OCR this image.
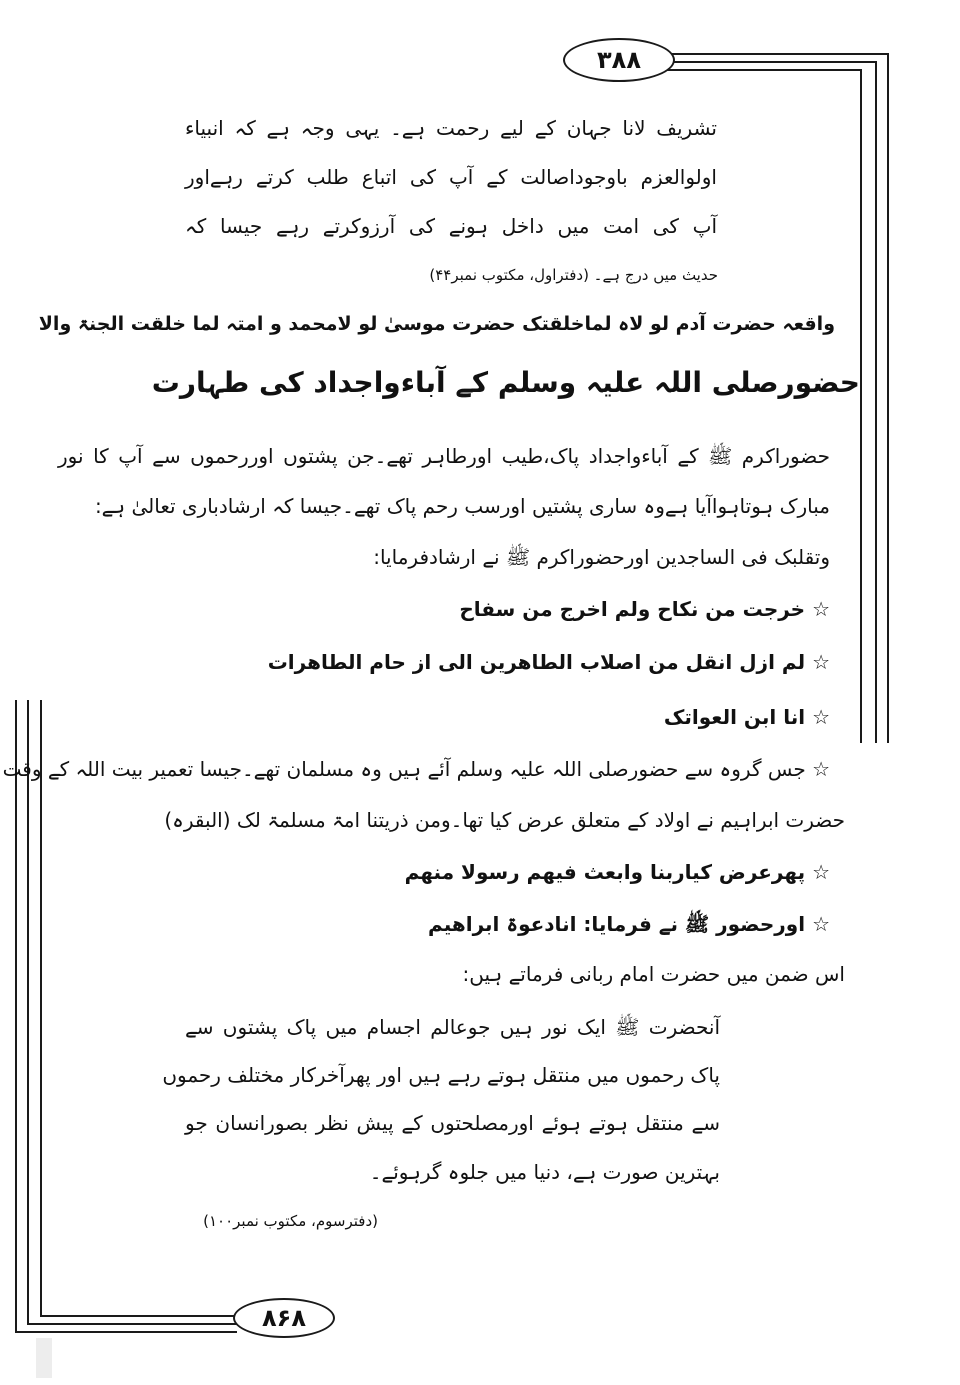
۳۸۸
۸۶۸
تشریف لانا جہان کے لیے رحمت ہے۔ یہی وجہ ہے کہ انبیاء
اولوالعزم باوجوداصالت کے آپ کی اتباع طلب کرتے رہےاور
آپ کی امت میں داخل ہونے کی آرزوکرتے رہے جیسا کہ
حدیث میں درج ہے۔ (دفتراول، مکتوب نمبر۴۴)
واقعہ حضرت آدم لو لاہ لماخلقتک حضرت موسیٰ لو لامحمد و امتہ لما خلقت الجنۃ والا
حضورصلی اللہ علیہ وسلم کے آباءواجداد کی طہارت
حضوراکرم ﷺ کے آباءواجداد پاک،طیب اورطاہر تھے۔جن پشتوں اوررحموں سے آپ کا نور
مبارک ہوتاہواآیا ہےوہ ساری پشتیں اورسب رحم پاک تھے۔جیسا کہ ارشادباری تعالیٰ ہے:
وتقلبک فی الساجدین اورحضوراکرم ﷺ نے ارشادفرمایا:
☆ خرجت من نکاح ولم اخرج من سفاح
☆ لم ازل انقل من اصلاب الطاهرین الی از حام الطاهرات
☆ انا ابن العواتک
☆ جس گروہ سے حضورصلی اللہ علیہ وسلم آئے ہیں وہ مسلمان تھے۔جیسا تعمیر بیت اللہ کے وقت
حضرت ابراہیم نے اولاد کے متعلق عرض کیا تھا۔ومن ذریتنا امۃ مسلمۃ لک (البقرہ)
☆ پھرعرض کیاربنا وابعث فیھم رسولا منھم
☆ اورحضور ﷺ نے فرمایا: انادعوۃ ابراھیم
اس ضمن میں حضرت امام ربانی فرماتے ہیں:
آنحضرت ﷺ ایک نور ہیں جوعالم اجسام میں پاک پشتوں سے
پاک رحموں میں منتقل ہوتے رہے ہیں اور پھرآخرکار مختلف رحموں
سے منتقل ہوتے ہوئے اورمصلحتوں کے پیش نظر بصورانسان جو
بہترین صورت ہے، دنیا میں جلوہ گرہوئے۔
(دفترسوم، مکتوب نمبر۱۰۰)
